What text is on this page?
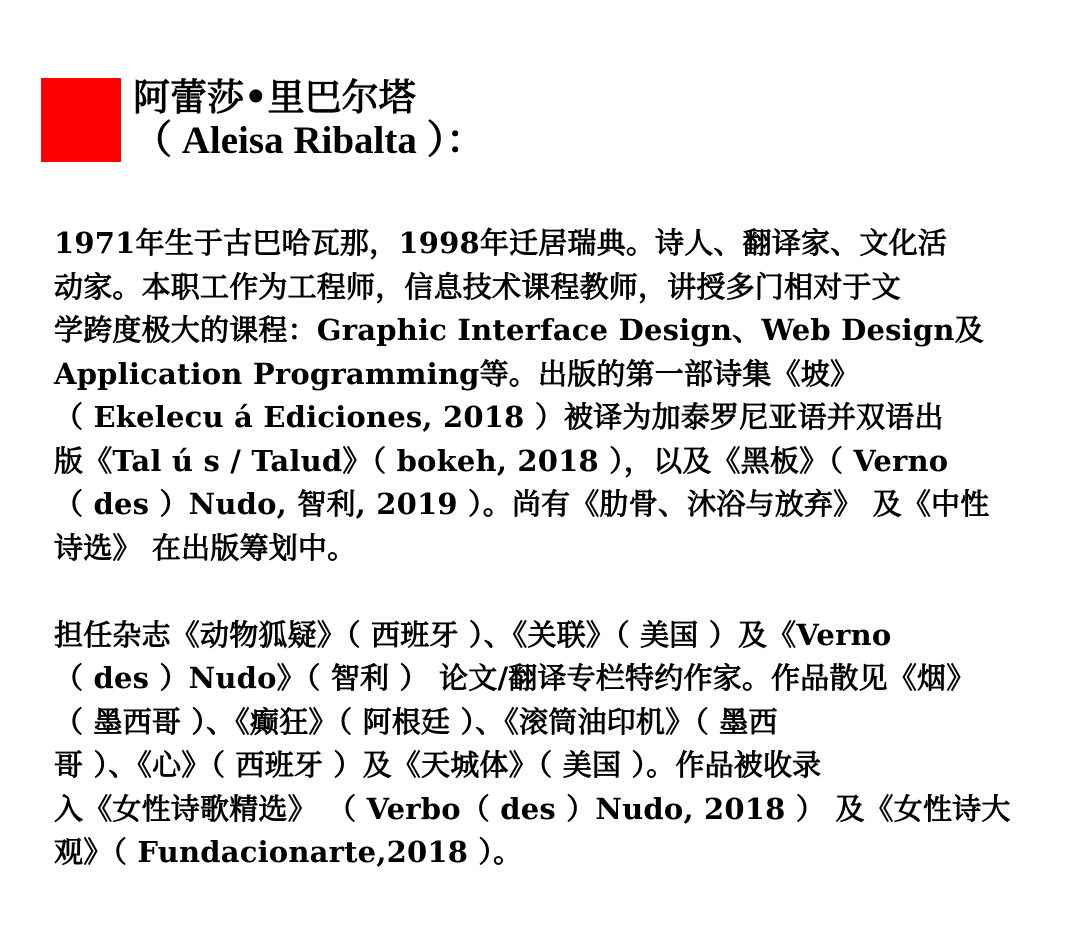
阿蕾莎•里巴尔塔
（ Aleisa Ribalta ）：
1971年生于古巴哈瓦那，1998年迁居瑞典。诗人、翻译家、文化活
动家。本职工作为工程师，信息技术课程教师，讲授多门相对于文
学跨度极大的课程：Graphic Interface Design、Web Design及
Application Programming等。出版的第一部诗集《坡》
（ Ekelecu á Ediciones, 2018 ）被译为加泰罗尼亚语并双语出
版《Tal ú s / Talud》（ bokeh, 2018 ），以及《黑板》（ Verno
（ des ）Nudo, 智利, 2019 ）。尚有《肋骨、沐浴与放弃》 及《中性
诗选》 在出版筹划中。
担任杂志《动物狐疑》（ 西班牙 ）、《关联》（ 美国 ）及《Verno
（ des ）Nudo》（ 智利 ） 论文/翻译专栏特约作家。作品散见《烟》
（ 墨西哥 ）、《癫狂》（ 阿根廷 ）、《滚筒油印机》（ 墨西
哥 ）、《心》（ 西班牙 ）及《天城体》（ 美国 ）。作品被收录
入《女性诗歌精选》 （ Verbo（ des ）Nudo, 2018 ） 及《女性诗大
观》（ Fundacionarte,2018 ）。
